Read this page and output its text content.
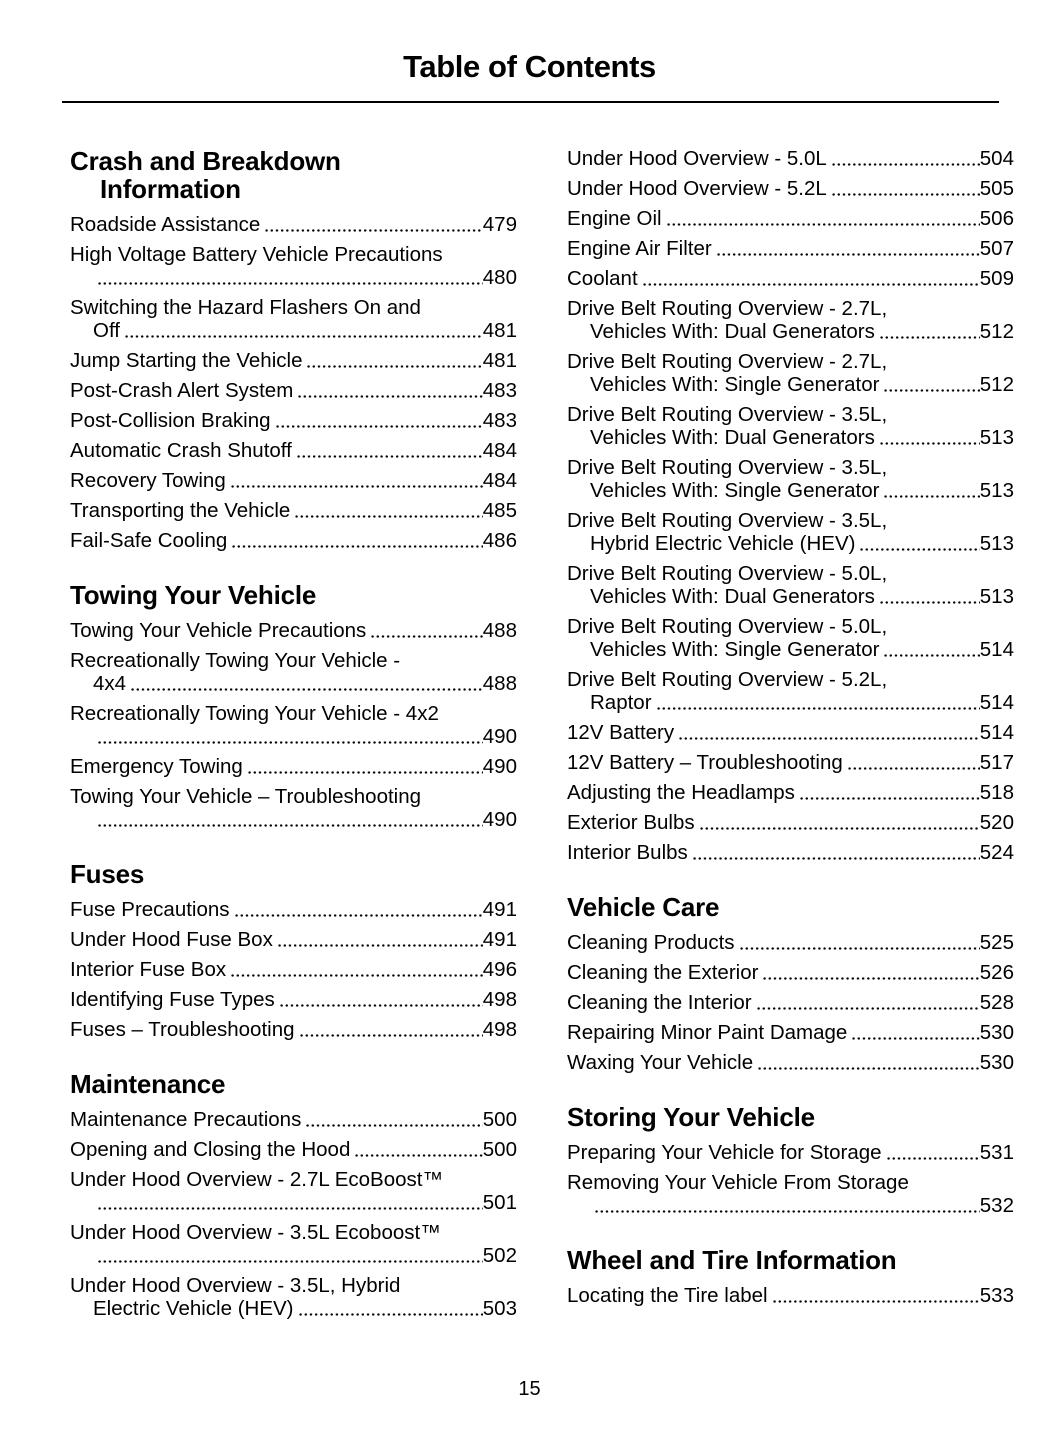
Table of Contents
Crash and Breakdown
Information
Roadside Assistance	479
High Voltage Battery Vehicle Precautions
480
Switching the Hazard Flashers On and
Off	481
Jump Starting the Vehicle	481
Post-Crash Alert System	483
Post-Collision Braking	483
Automatic Crash Shutoff	484
Recovery Towing	484
Transporting the Vehicle	485
Fail-Safe Cooling	486
Towing Your Vehicle
Towing Your Vehicle Precautions	488
Recreationally Towing Your Vehicle -
4x4	488
Recreationally Towing Your Vehicle - 4x2
490
Emergency Towing	490
Towing Your Vehicle – Troubleshooting
490
Fuses
Fuse Precautions	491
Under Hood Fuse Box	491
Interior Fuse Box	496
Identifying Fuse Types	498
Fuses – Troubleshooting	498
Maintenance
Maintenance Precautions	500
Opening and Closing the Hood	500
Under Hood Overview - 2.7L EcoBoost™
501
Under Hood Overview - 3.5L Ecoboost™
502
Under Hood Overview - 3.5L, Hybrid
Electric Vehicle (HEV)	503
Under Hood Overview - 5.0L	504
Under Hood Overview - 5.2L	505
Engine Oil	506
Engine Air Filter	507
Coolant	509
Drive Belt Routing Overview - 2.7L,
Vehicles With: Dual Generators	512
Drive Belt Routing Overview - 2.7L,
Vehicles With: Single Generator	512
Drive Belt Routing Overview - 3.5L,
Vehicles With: Dual Generators	513
Drive Belt Routing Overview - 3.5L,
Vehicles With: Single Generator	513
Drive Belt Routing Overview - 3.5L,
Hybrid Electric Vehicle (HEV)	513
Drive Belt Routing Overview - 5.0L,
Vehicles With: Dual Generators	513
Drive Belt Routing Overview - 5.0L,
Vehicles With: Single Generator	514
Drive Belt Routing Overview - 5.2L,
Raptor	514
12V Battery	514
12V Battery – Troubleshooting	517
Adjusting the Headlamps	518
Exterior Bulbs	520
Interior Bulbs	524
Vehicle Care
Cleaning Products	525
Cleaning the Exterior	526
Cleaning the Interior	528
Repairing Minor Paint Damage	530
Waxing Your Vehicle	530
Storing Your Vehicle
Preparing Your Vehicle for Storage	531
Removing Your Vehicle From Storage
532
Wheel and Tire Information
Locating the Tire label	533
15
